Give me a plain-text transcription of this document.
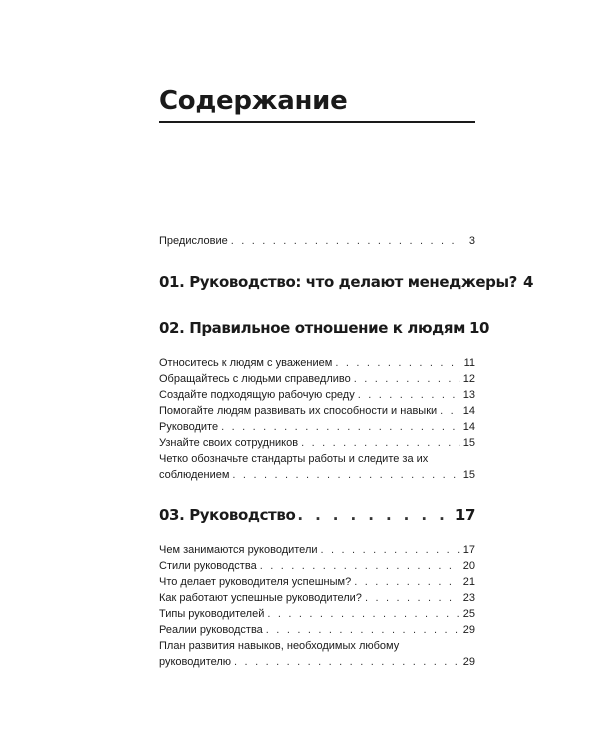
Содержание
Предисловие . . .	3
01. Руководство: что делают менеджеры? 4
02. Правильное отношение к людям 10
Относитесь к людям с уважением . . .	11
Обращайтесь с людьми справедливо . . .	12
Создайте подходящую рабочую среду . . .	13
Помогайте людям развивать их способности и навыки . . . 14
Руководите . . .	14
Узнайте своих сотрудников . . .	15
Четко обозначьте стандарты работы и следите за их
соблюдением . . .	15
03. Руководство . . .	17
Чем занимаются руководители . . .	17
Стили руководства . . .	20
Что делает руководителя успешным? . . .	21
Как работают успешные руководители? . . .	23
Типы руководителей . . .	25
Реалии руководства . . .	29
План развития навыков, необходимых любому
руководителю . . .	29
